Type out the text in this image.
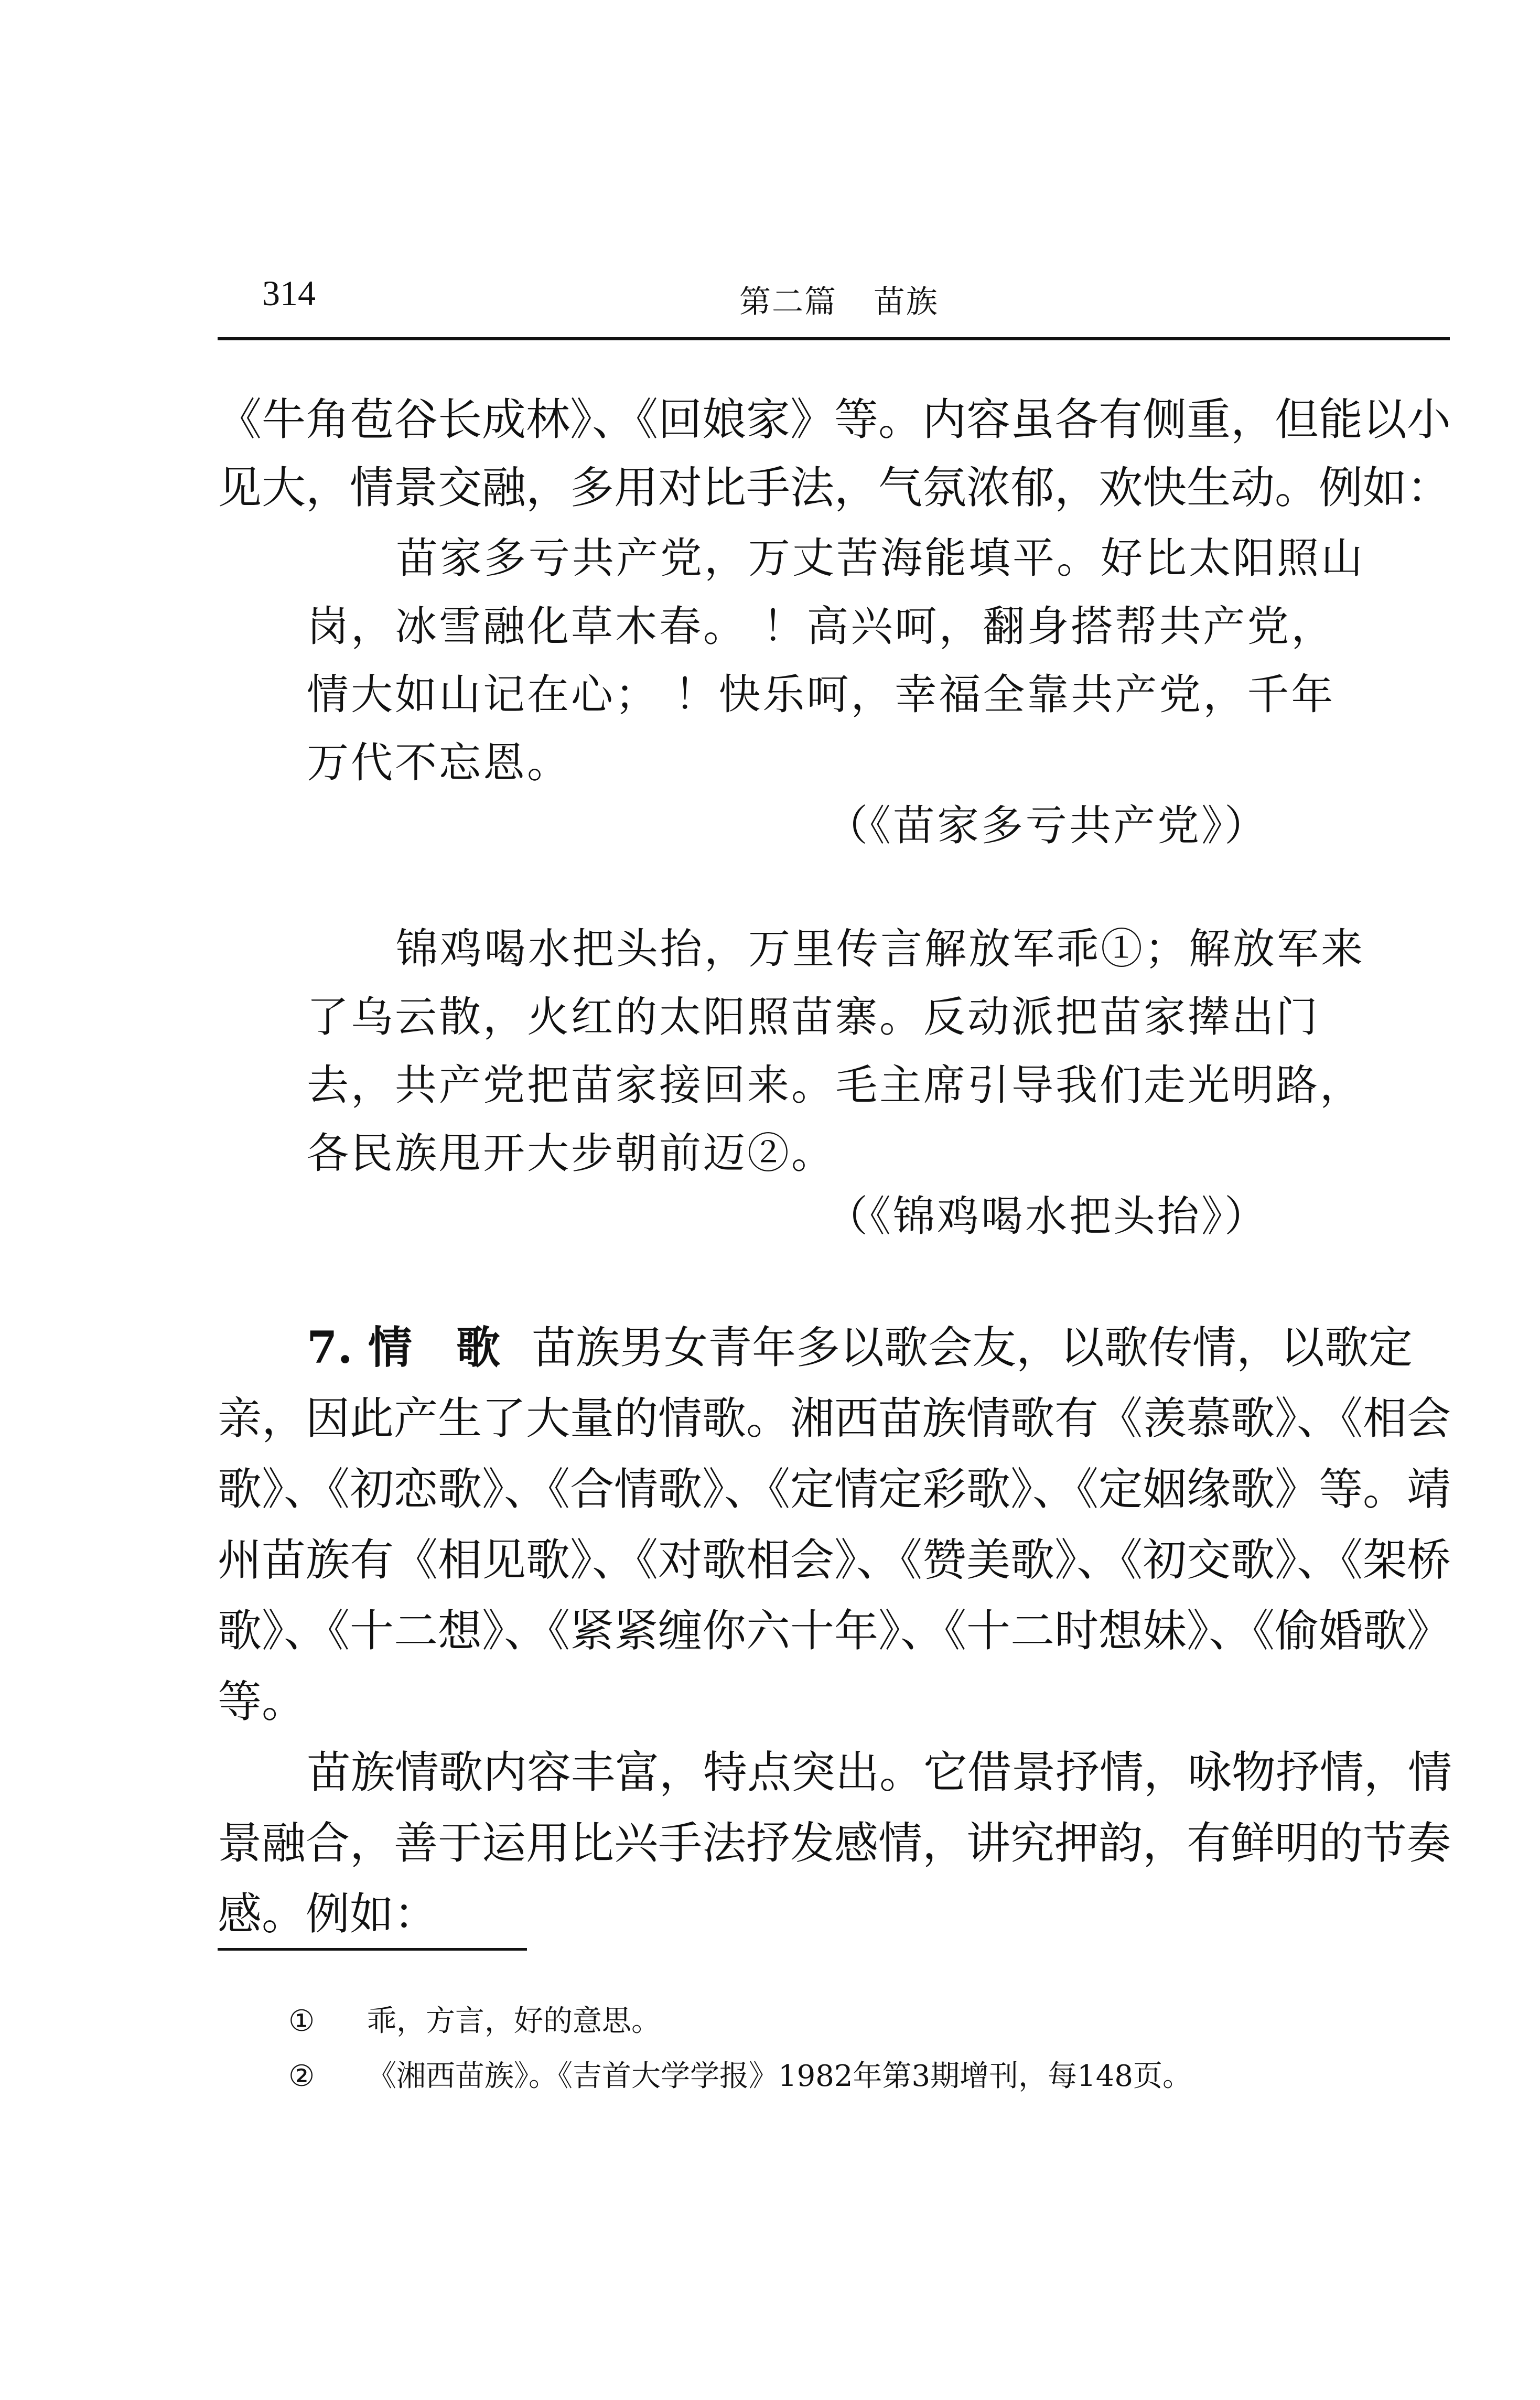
314	第二篇 苗族
《牛角苞谷长成林》、《回娘家》等。内容虽各有侧重，但能以小
见大，情景交融，多用对比手法，气氛浓郁，欢快生动。例如：
苗家多亏共产党，万丈苦海能填平。好比太阳照山
岗，冰雪融化草木春。 ！高兴呵，翻身搭帮共产党，
情大如山记在心； ！快乐呵，幸福全靠共产党，千年
万代不忘恩。
（《苗家多亏共产党》）
锦鸡喝水把头抬，万里传言解放军乖①；解放军来
了乌云散，火红的太阳照苗寨。反动派把苗家撵出门
去，共产党把苗家接回来。毛主席引导我们走光明路，
各民族甩开大步朝前迈②。
（《锦鸡喝水把头抬》）
7. 情　歌 苗族男女青年多以歌会友，以歌传情，以歌定
亲，因此产生了大量的情歌。湘西苗族情歌有《羡慕歌》、《相会
歌》、《初恋歌》、《合情歌》、《定情定彩歌》、《定姻缘歌》等。靖
州苗族有《相见歌》、《对歌相会》、《赞美歌》、《初交歌》、《架桥
歌》、《十二想》、《紧紧缠你六十年》、《十二时想妹》、《偷婚歌》
等。
苗族情歌内容丰富，特点突出。它借景抒情，咏物抒情，情
景融合，善于运用比兴手法抒发感情，讲究押韵，有鲜明的节奏
感。例如：
① 乖，方言，好的意思。
② 《湘西苗族》。《吉首大学学报》1982年第3期增刊，每148页。
